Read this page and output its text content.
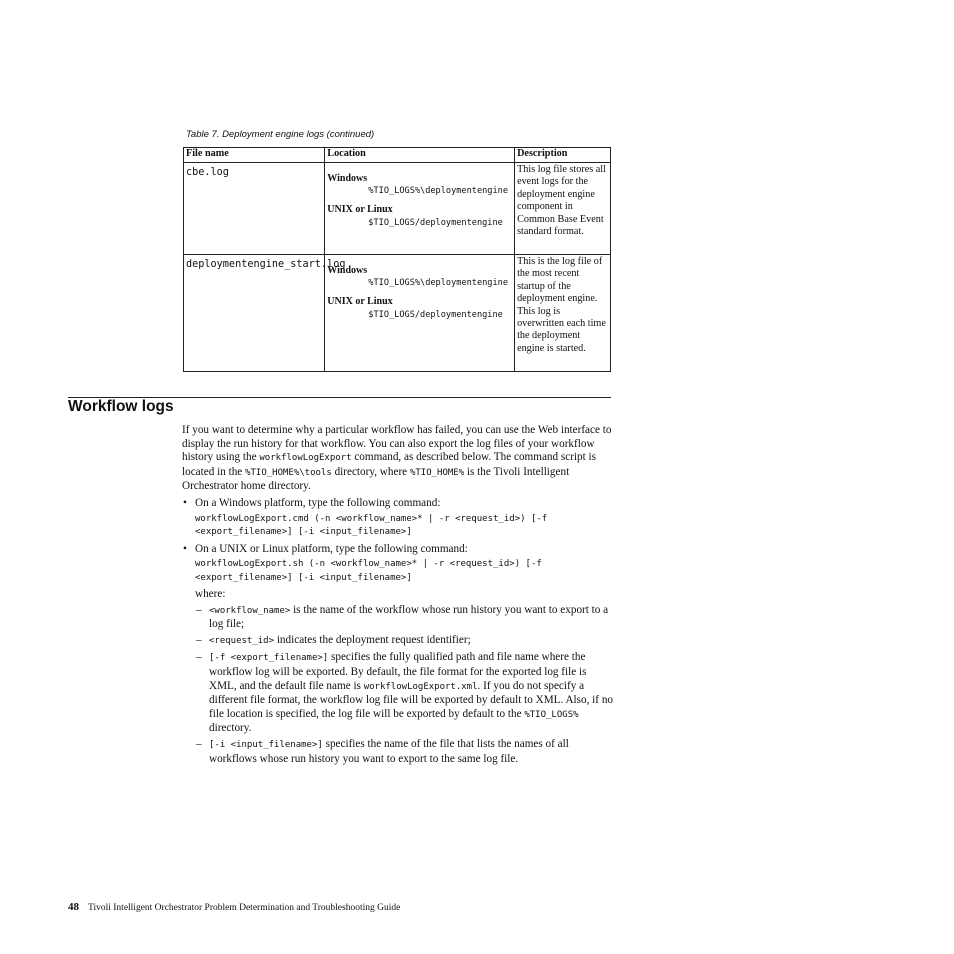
Table 7. Deployment engine logs (continued)
File name	Location	Description
cbe.log	Windows
%TIO_LOGS%\deploymentengine
UNIX or Linux
$TIO_LOGS/deploymentengine	This log file stores all event logs for the deployment engine component in Common Base Event standard format.
deploymentengine_start.log	Windows
%TIO_LOGS%\deploymentengine
UNIX or Linux
$TIO_LOGS/deploymentengine	This is the log file of the most recent startup of the deployment engine. This log is overwritten each time the deployment engine is started.
Workflow logs

If you want to determine why a particular workflow has failed, you can use the Web interface to display the run history for that workflow. You can also export the log files of your workflow history using the workflowLogExport command, as described below. The command script is located in the %TIO_HOME%\tools directory, where %TIO_HOME% is the Tivoli Intelligent Orchestrator home directory.

• On a Windows platform, type the following command:
workflowLogExport.cmd (-n <workflow_name>* | -r <request_id>) [-f <export_filename>] [-i <input_filename>]
• On a UNIX or Linux platform, type the following command:
workflowLogExport.sh (-n <workflow_name>* | -r <request_id>) [-f <export_filename>] [-i <input_filename>]
where:
– <workflow_name> is the name of the workflow whose run history you want to export to a log file;
– <request_id> indicates the deployment request identifier;
– [-f <export_filename>] specifies the fully qualified path and file name where the workflow log will be exported. By default, the file format for the exported log file is XML, and the default file name is workflowLogExport.xml. If you do not specify a different file format, the workflow log file will be exported by default to XML. Also, if no file location is specified, the log file will be exported by default to the %TIO_LOGS% directory.
– [-i <input_filename>] specifies the name of the file that lists the names of all workflows whose run history you want to export to the same log file.
48 Tivoli Intelligent Orchestrator Problem Determination and Troubleshooting Guide
